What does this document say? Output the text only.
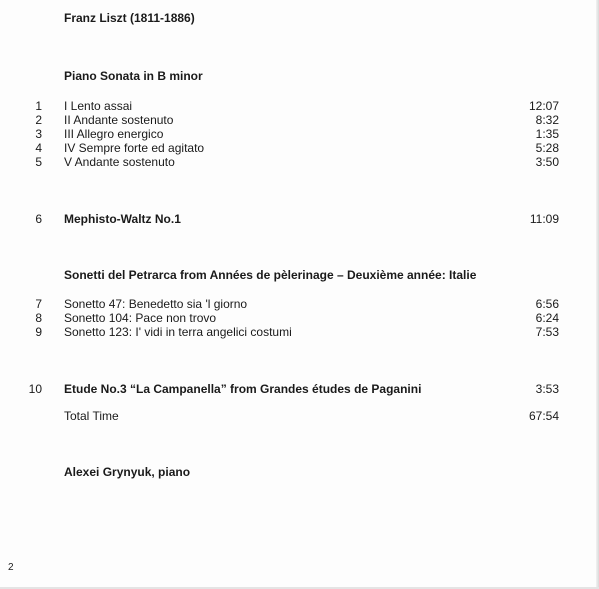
Franz Liszt (1811-1886)
Piano Sonata in B minor
1 I Lento assai	12:07
2 II Andante sostenuto	8:32
3 III Allegro energico	1:35
4 IV Sempre forte ed agitato	5:28
5 V Andante sostenuto	3:50
6 Mephisto-Waltz No.1	11:09
Sonetti del Petrarca from Années de pèlerinage – Deuxième année: Italie
7 Sonetto 47: Benedetto sia 'l giorno	6:56
8 Sonetto 104: Pace non trovo	6:24
9 Sonetto 123: I' vidi in terra angelici costumi	7:53
10 Etude No.3 “La Campanella” from Grandes études de Paganini	3:53
Total Time	67:54
Alexei Grynyuk, piano
2
